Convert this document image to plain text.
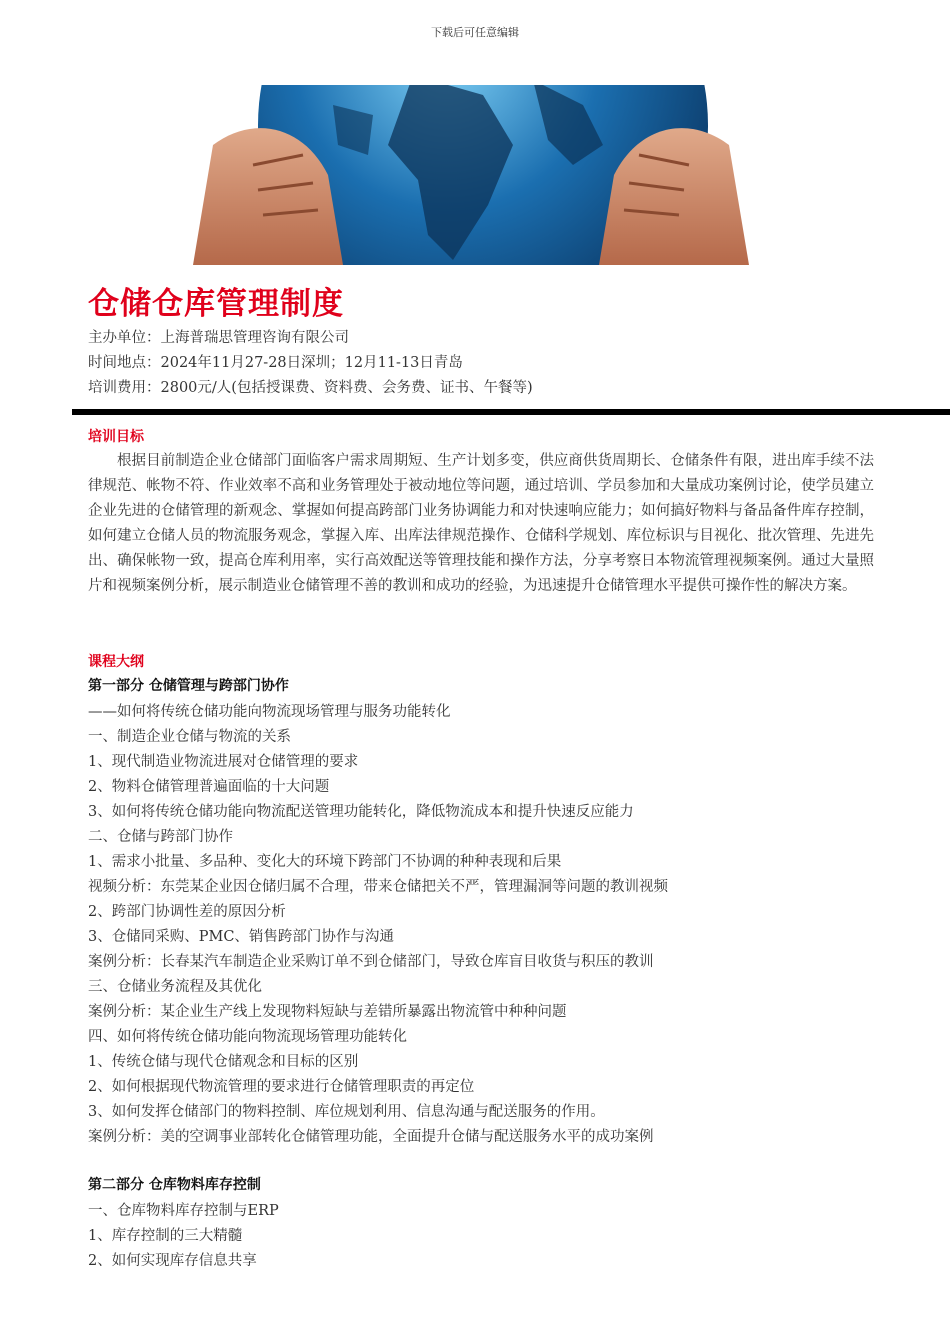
下载后可任意编辑
仓储仓库管理制度
主办单位：上海普瑞思管理咨询有限公司
时间地点：2024年11月27-28日深圳；12月11-13日青岛
培训费用：2800元/人(包括授课费、资料费、会务费、证书、午餐等)
培训目标

根据目前制造企业仓储部门面临客户需求周期短、生产计划多变，供应商供货周期长、仓储条件有限，进出库手续不法律规范、帐物不符、作业效率不高和业务管理处于被动地位等问题，通过培训、学员参加和大量成功案例讨论，使学员建立企业先进的仓储管理的新观念、掌握如何提高跨部门业务协调能力和对快速响应能力；如何搞好物料与备品备件库存控制，如何建立仓储人员的物流服务观念，掌握入库、出库法律规范操作、仓储科学规划、库位标识与目视化、批次管理、先进先出、确保帐物一致，提高仓库利用率，实行高效配送等管理技能和操作方法，分享考察日本物流管理视频案例。通过大量照片和视频案例分析，展示制造业仓储管理不善的教训和成功的经验，为迅速提升仓储管理水平提供可操作性的解决方案。

课程大纲
第一部分 仓储管理与跨部门协作
——如何将传统仓储功能向物流现场管理与服务功能转化
一、制造企业仓储与物流的关系
1、现代制造业物流进展对仓储管理的要求
2、物料仓储管理普遍面临的十大问题
3、如何将传统仓储功能向物流配送管理功能转化，降低物流成本和提升快速反应能力
二、仓储与跨部门协作
1、需求小批量、多品种、变化大的环境下跨部门不协调的种种表现和后果
视频分析：东莞某企业因仓储归属不合理，带来仓储把关不严，管理漏洞等问题的教训视频
2、跨部门协调性差的原因分析
3、仓储同采购、PMC、销售跨部门协作与沟通
案例分析：长春某汽车制造企业采购订单不到仓储部门，导致仓库盲目收货与积压的教训
三、仓储业务流程及其优化
案例分析：某企业生产线上发现物料短缺与差错所暴露出物流管中种种问题
四、如何将传统仓储功能向物流现场管理功能转化
1、传统仓储与现代仓储观念和目标的区别
2、如何根据现代物流管理的要求进行仓储管理职责的再定位
3、如何发挥仓储部门的物料控制、库位规划利用、信息沟通与配送服务的作用。
案例分析：美的空调事业部转化仓储管理功能，全面提升仓储与配送服务水平的成功案例
第二部分 仓库物料库存控制
一、仓库物料库存控制与ERP
1、库存控制的三大精髓
2、如何实现库存信息共享
